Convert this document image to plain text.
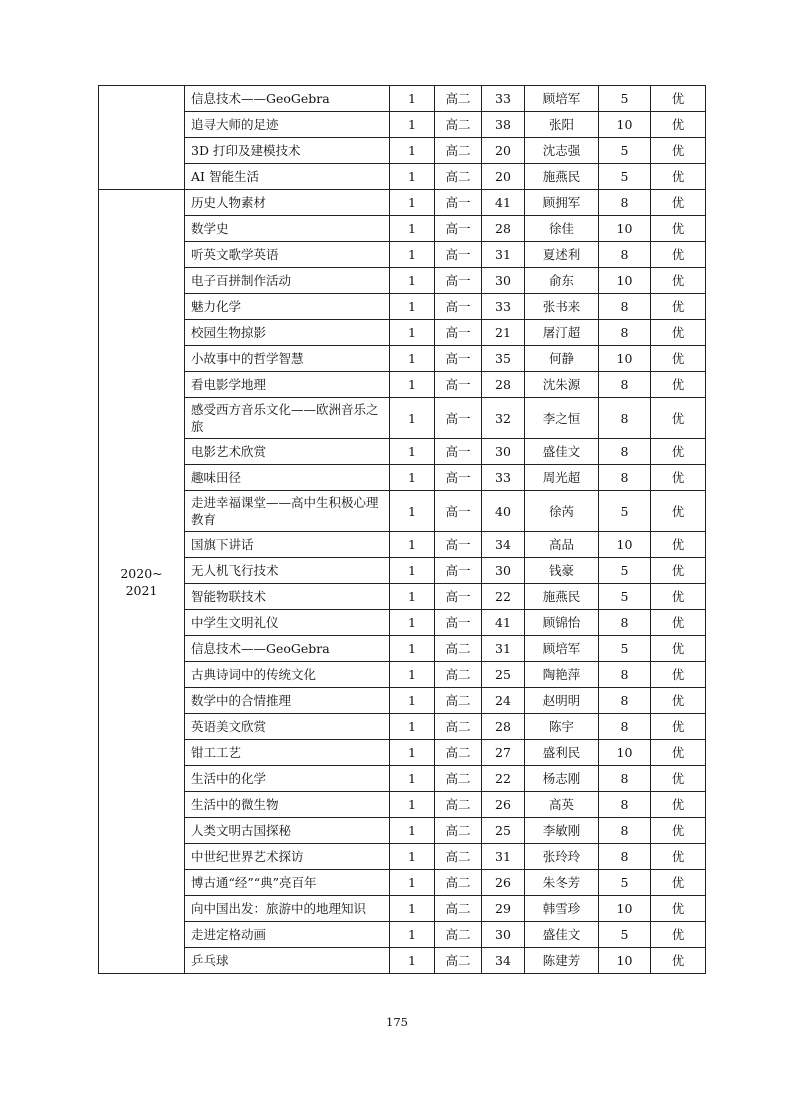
	信息技术——GeoGebra	1	高二	33	顾培军	5	优
	追寻大师的足迹	1	高二	38	张阳	10	优
	3D 打印及建模技术	1	高二	20	沈志强	5	优
	AI 智能生活	1	高二	20	施燕民	5	优
2020~
2021	历史人物素材	1	高一	41	顾拥军	8	优
	数学史	1	高一	28	徐佳	10	优
	听英文歌学英语	1	高一	31	夏述利	8	优
	电子百拼制作活动	1	高一	30	俞东	10	优
	魅力化学	1	高一	33	张书来	8	优
	校园生物掠影	1	高一	21	屠汀超	8	优
	小故事中的哲学智慧	1	高一	35	何静	10	优
	看电影学地理	1	高一	28	沈朱源	8	优
	感受西方音乐文化——欧洲音乐之旅	1	高一	32	李之恒	8	优
	电影艺术欣赏	1	高一	30	盛佳文	8	优
	趣味田径	1	高一	33	周光超	8	优
	走进幸福课堂——高中生积极心理教育	1	高一	40	徐芮	5	优
	国旗下讲话	1	高一	34	高品	10	优
	无人机飞行技术	1	高一	30	钱豪	5	优
	智能物联技术	1	高一	22	施燕民	5	优
	中学生文明礼仪	1	高一	41	顾锦怡	8	优
	信息技术——GeoGebra	1	高二	31	顾培军	5	优
	古典诗词中的传统文化	1	高二	25	陶艳萍	8	优
	数学中的合情推理	1	高二	24	赵明明	8	优
	英语美文欣赏	1	高二	28	陈宇	8	优
	钳工工艺	1	高二	27	盛利民	10	优
	生活中的化学	1	高二	22	杨志刚	8	优
	生活中的微生物	1	高二	26	高英	8	优
	人类文明古国探秘	1	高二	25	李敏刚	8	优
	中世纪世界艺术探访	1	高二	31	张玲玲	8	优
	博古通“经”“典”亮百年	1	高二	26	朱冬芳	5	优
	向中国出发：旅游中的地理知识	1	高二	29	韩雪珍	10	优
	走进定格动画	1	高二	30	盛佳文	5	优
	乒乓球	1	高二	34	陈建芳	10	优
175
